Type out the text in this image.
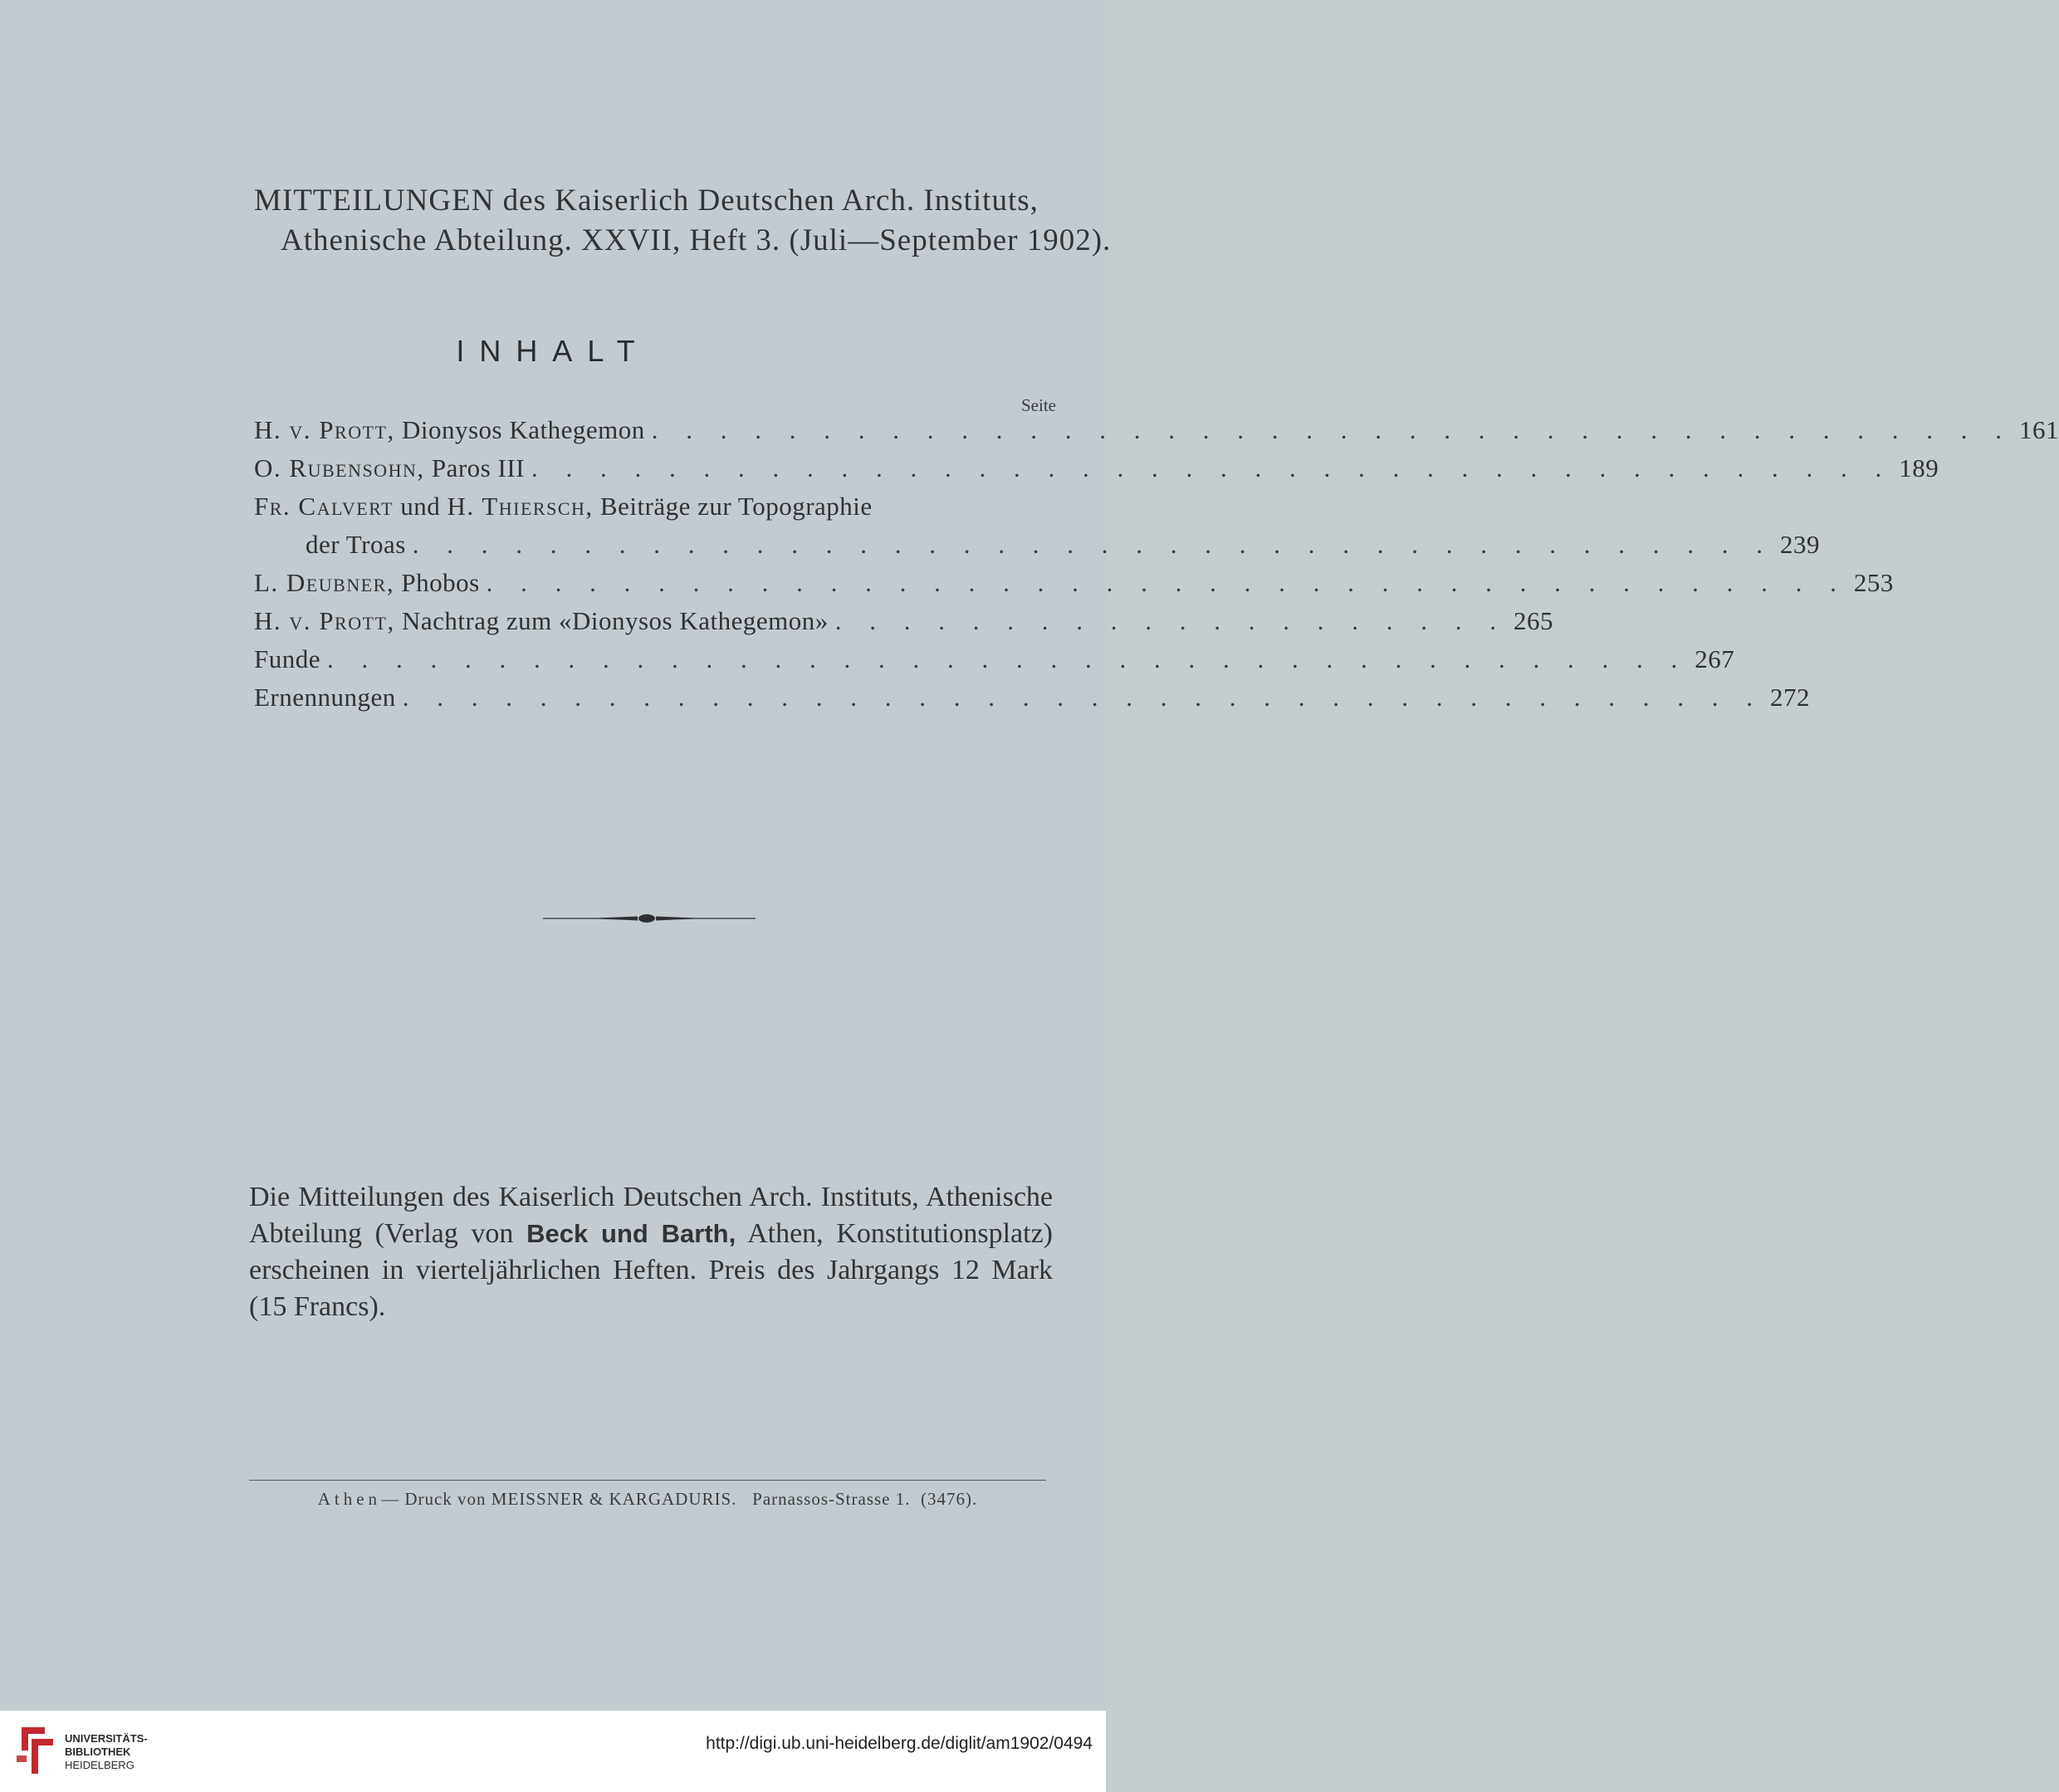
MITTEILUNGEN des Kaiserlich Deutschen Arch. Instituts,
Athenische Abteilung. XXVII, Heft 3. (Juli—September 1902).
INHALT
Seite
H. v. Prott, Dionysos Kathegemon . . . . . . . . . . . . . . . . . . . . . . . . . . . . . . . . . . . . . . . . 161
O. Rubensohn, Paros III . . . . . . . . . . . . . . . . . . . . . . . . . . . . . . . . . . . . . . . . 189
Fr. Calvert und H. Thiersch, Beiträge zur Topographie
der Troas . . . . . . . . . . . . . . . . . . . . . . . . . . . . . . . . . . . . . . . . 239
L. Deubner, Phobos . . . . . . . . . . . . . . . . . . . . . . . . . . . . . . . . . . . . . . . . 253
H. v. Prott, Nachtrag zum «Dionysos Kathegemon» . . . . . . . . . . . . . . . . . . . . 265
Funde . . . . . . . . . . . . . . . . . . . . . . . . . . . . . . . . . . . . . . . . 267
Ernennungen . . . . . . . . . . . . . . . . . . . . . . . . . . . . . . . . . . . . . . . . 272
Die Mitteilungen des Kaiserlich Deutschen Arch. Instituts, Athenische Abteilung (Verlag von Beck und Barth, Athen, Konstitutionsplatz) erscheinen in vierteljährlichen Heften. Preis des Jahrgangs 12 Mark (15 Francs).
Athen— Druck von MEISSNER & KARGADURIS. Parnassos-Strasse 1. (3476).
UNIVERSITÄTS-
BIBLIOTHEK
HEIDELBERG
http://digi.ub.uni-heidelberg.de/diglit/am1902/0494
